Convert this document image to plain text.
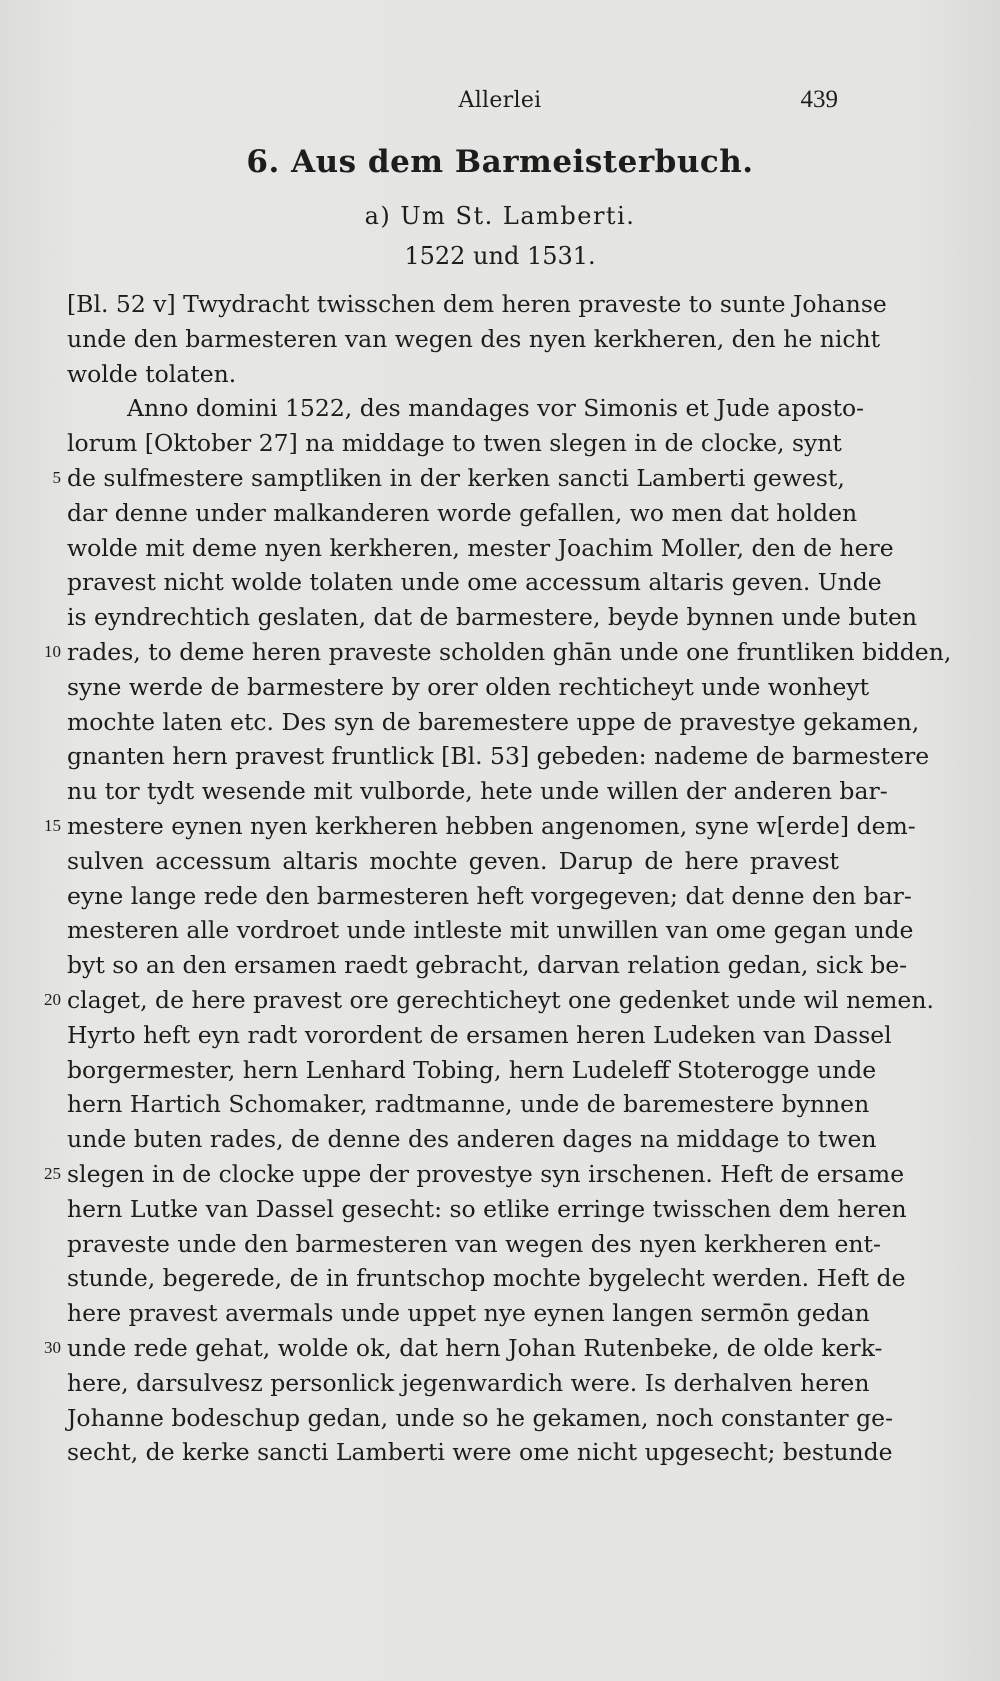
Allerlei	439
6. Aus dem Barmeisterbuch.
a) Um St. Lamberti.
1522 und 1531.
[Bl. 52 v] Twydracht twisschen dem heren praveste to sunte Johanse
unde den barmesteren van wegen des nyen kerkheren, den he nicht
wolde tolaten.
Anno domini 1522, des mandages vor Simonis et Jude aposto-
lorum [Oktober 27] na middage to twen slegen in de clocke, synt
5 de sulfmestere samptliken in der kerken sancti Lamberti gewest,
dar denne under malkanderen worde gefallen, wo men dat holden
wolde mit deme nyen kerkheren, mester Joachim Moller, den de here
pravest nicht wolde tolaten unde ome accessum altaris geven. Unde
is eyndrechtich geslaten, dat de barmestere, beyde bynnen unde buten
10 rades, to deme heren praveste scholden ghān unde one fruntliken bidden,
syne werde de barmestere by orer olden rechticheyt unde wonheyt
mochte laten etc. Des syn de baremestere uppe de pravestye gekamen,
gnanten hern pravest fruntlick [Bl. 53] gebeden: nademe de barmestere
nu tor tydt wesende mit vulborde, hete unde willen der anderen bar-
15 mestere eynen nyen kerkheren hebben angenomen, syne w[erde] dem-
sulven accessum altaris mochte geven. Darup de here pravest
eyne lange rede den barmesteren heft vorgegeven; dat denne den bar-
mesteren alle vordroet unde intleste mit unwillen van ome gegan unde
byt so an den ersamen raedt gebracht, darvan relation gedan, sick be-
20 claget, de here pravest ore gerechticheyt one gedenket unde wil nemen.
Hyrto heft eyn radt vorordent de ersamen heren Ludeken van Dassel
borgermester, hern Lenhard Tobing, hern Ludeleff Stoterogge unde
hern Hartich Schomaker, radtmanne, unde de baremestere bynnen
unde buten rades, de denne des anderen dages na middage to twen
25 slegen in de clocke uppe der provestye syn irschenen. Heft de ersame
hern Lutke van Dassel gesecht: so etlike erringe twisschen dem heren
praveste unde den barmesteren van wegen des nyen kerkheren ent-
stunde, begerede, de in fruntschop mochte bygelecht werden. Heft de
here pravest avermals unde uppet nye eynen langen sermōn gedan
30 unde rede gehat, wolde ok, dat hern Johan Rutenbeke, de olde kerk-
here, darsulvesz personlick jegenwardich were. Is derhalven heren
Johanne bodeschup gedan, unde so he gekamen, noch constanter ge-
secht, de kerke sancti Lamberti were ome nicht upgesecht; bestunde
